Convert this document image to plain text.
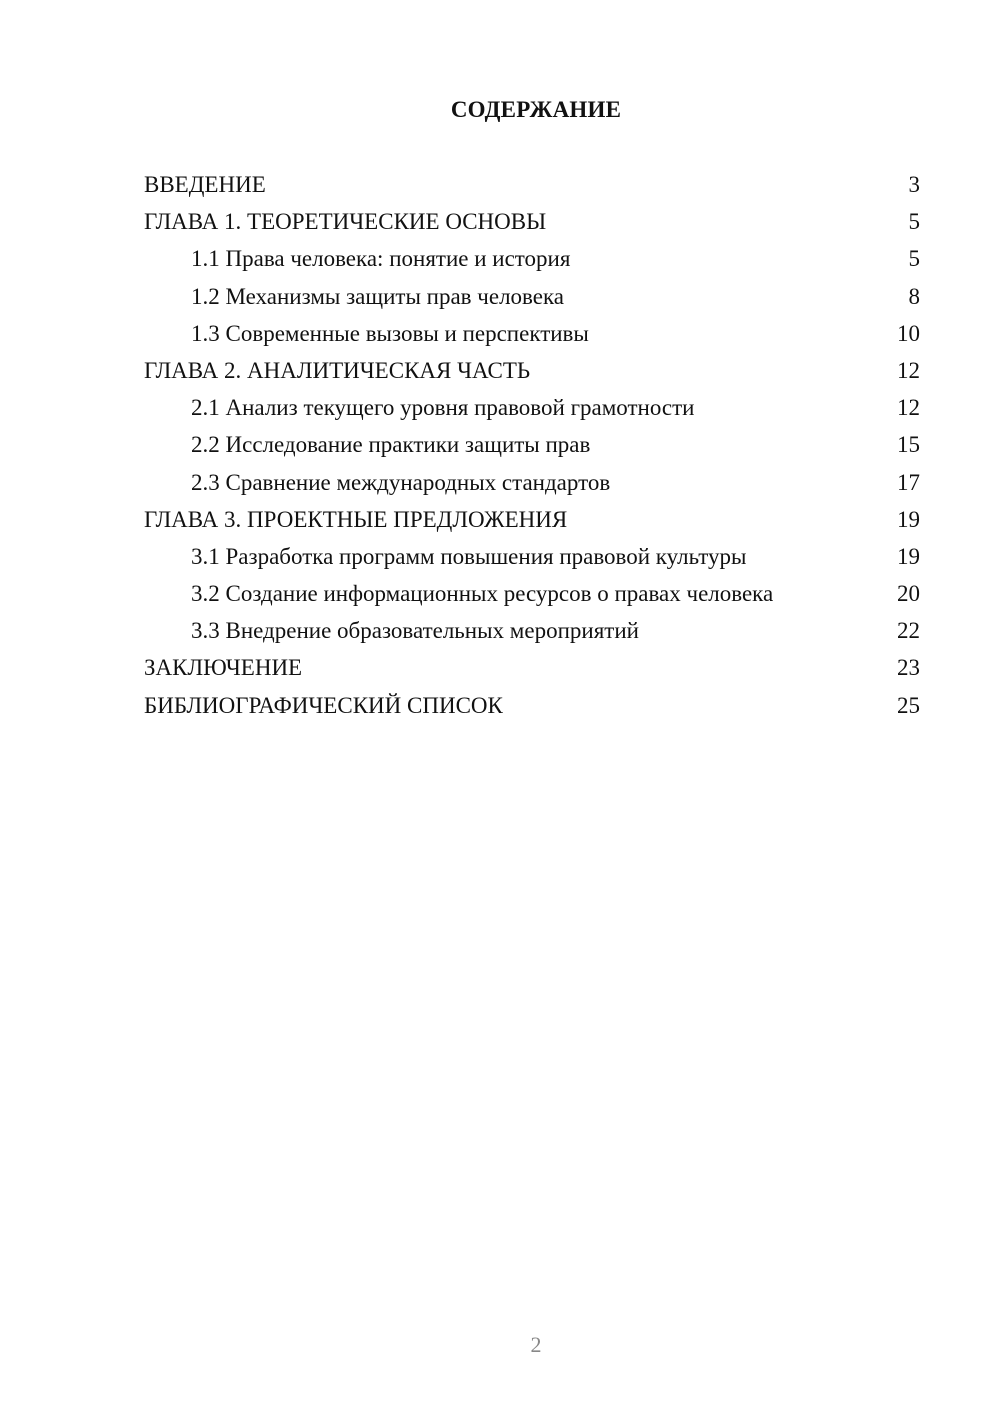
СОДЕРЖАНИЕ
ВВЕДЕНИЕ	3
ГЛАВА 1. ТЕОРЕТИЧЕСКИЕ ОСНОВЫ	5
1.1 Права человека: понятие и история	5
1.2 Механизмы защиты прав человека	8
1.3 Современные вызовы и перспективы	10
ГЛАВА 2. АНАЛИТИЧЕСКАЯ ЧАСТЬ	12
2.1 Анализ текущего уровня правовой грамотности	12
2.2 Исследование практики защиты прав	15
2.3 Сравнение международных стандартов	17
ГЛАВА 3. ПРОЕКТНЫЕ ПРЕДЛОЖЕНИЯ	19
3.1 Разработка программ повышения правовой культуры	19
3.2 Создание информационных ресурсов о правах человека	20
3.3 Внедрение образовательных мероприятий	22
ЗАКЛЮЧЕНИЕ	23
БИБЛИОГРАФИЧЕСКИЙ СПИСОК	25
2
